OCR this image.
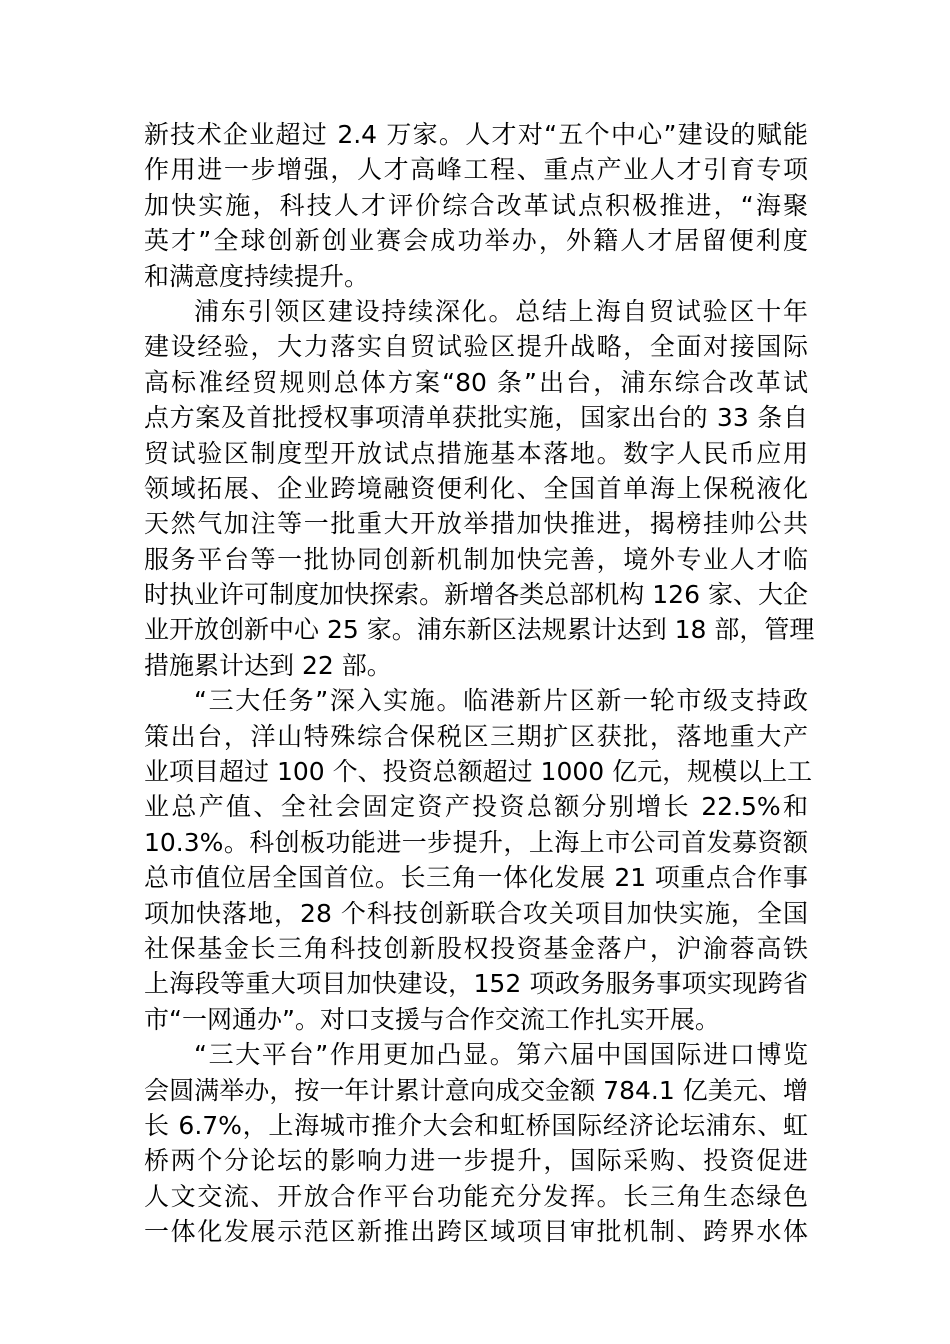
新技术企业超过 2.4 万家。人才对“五个中心”建设的赋能
作用进一步增强，人才高峰工程、重点产业人才引育专项
加快实施，科技人才评价综合改革试点积极推进，“海聚
英才”全球创新创业赛会成功举办，外籍人才居留便利度
和满意度持续提升。
浦东引领区建设持续深化。总结上海自贸试验区十年
建设经验，大力落实自贸试验区提升战略，全面对接国际
高标准经贸规则总体方案“80 条”出台，浦东综合改革试
点方案及首批授权事项清单获批实施，国家出台的 33 条自
贸试验区制度型开放试点措施基本落地。数字人民币应用
领域拓展、企业跨境融资便利化、全国首单海上保税液化
天然气加注等一批重大开放举措加快推进，揭榜挂帅公共
服务平台等一批协同创新机制加快完善，境外专业人才临
时执业许可制度加快探索。新增各类总部机构 126 家、大企
业开放创新中心 25 家。浦东新区法规累计达到 18 部，管理
措施累计达到 22 部。
“三大任务”深入实施。临港新片区新一轮市级支持政
策出台，洋山特殊综合保税区三期扩区获批，落地重大产
业项目超过 100 个、投资总额超过 1000 亿元，规模以上工
业总产值、全社会固定资产投资总额分别增长 22.5%和
10.3%。科创板功能进一步提升，上海上市公司首发募资额
总市值位居全国首位。长三角一体化发展 21 项重点合作事
项加快落地，28 个科技创新联合攻关项目加快实施，全国
社保基金长三角科技创新股权投资基金落户，沪渝蓉高铁
上海段等重大项目加快建设，152 项政务服务事项实现跨省
市“一网通办”。对口支援与合作交流工作扎实开展。
“三大平台”作用更加凸显。第六届中国国际进口博览
会圆满举办，按一年计累计意向成交金额 784.1 亿美元、增
长 6.7%，上海城市推介大会和虹桥国际经济论坛浦东、虹
桥两个分论坛的影响力进一步提升，国际采购、投资促进
人文交流、开放合作平台功能充分发挥。长三角生态绿色
一体化发展示范区新推出跨区域项目审批机制、跨界水体
